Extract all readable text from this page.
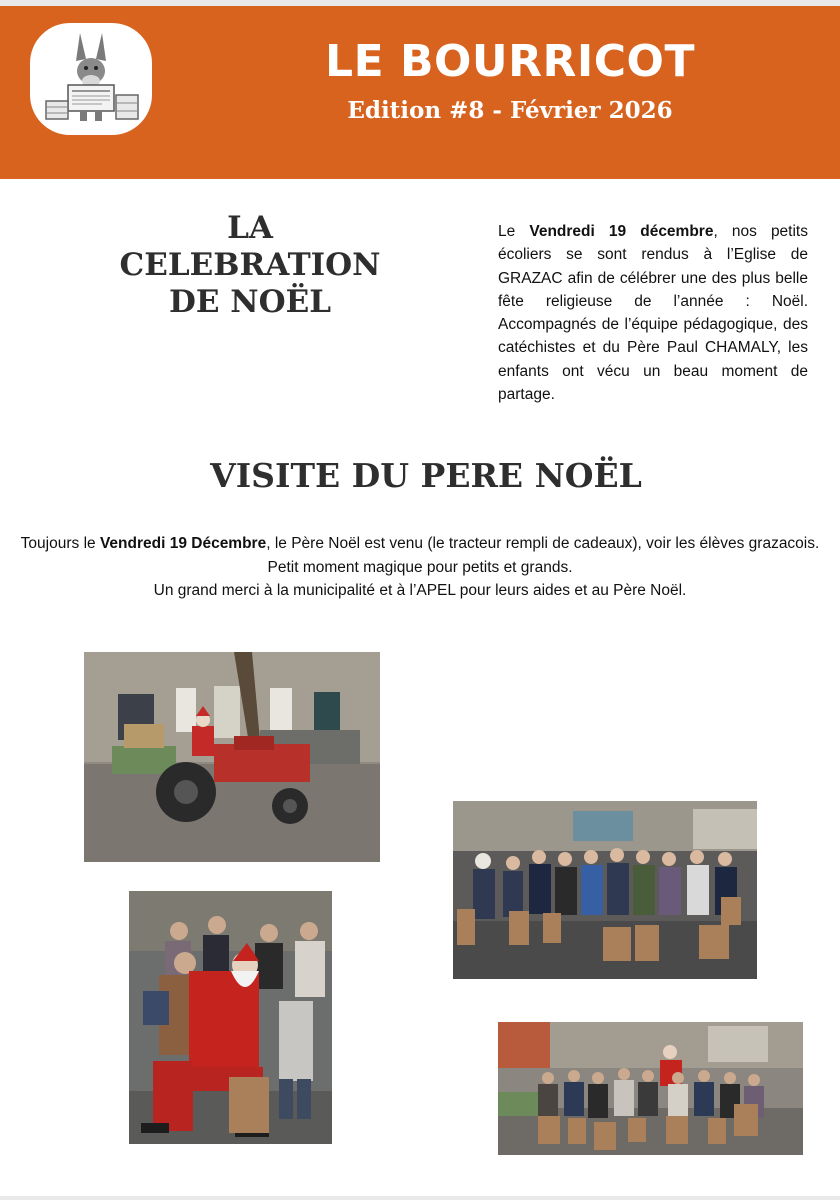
LE BOURRICOT
Edition #8 - Février 2026
LA
CELEBRATION
DE NOËL
Le Vendredi 19 décembre, nos petits écoliers se sont rendus à l’Eglise de GRAZAC afin de célébrer une des plus belle fête religieuse de l’année : Noël. Accompagnés de l’équipe pédagogique, des catéchistes et du Père Paul CHAMALY, les enfants ont vécu un beau moment de partage.
VISITE DU PERE NOËL

Toujours le Vendredi 19 Décembre, le Père Noël est venu (le tracteur rempli de cadeaux), voir les élèves grazacois. Petit moment magique pour petits et grands.

Un grand merci à la municipalité et à l’APEL pour leurs aides et au Père Noël.
